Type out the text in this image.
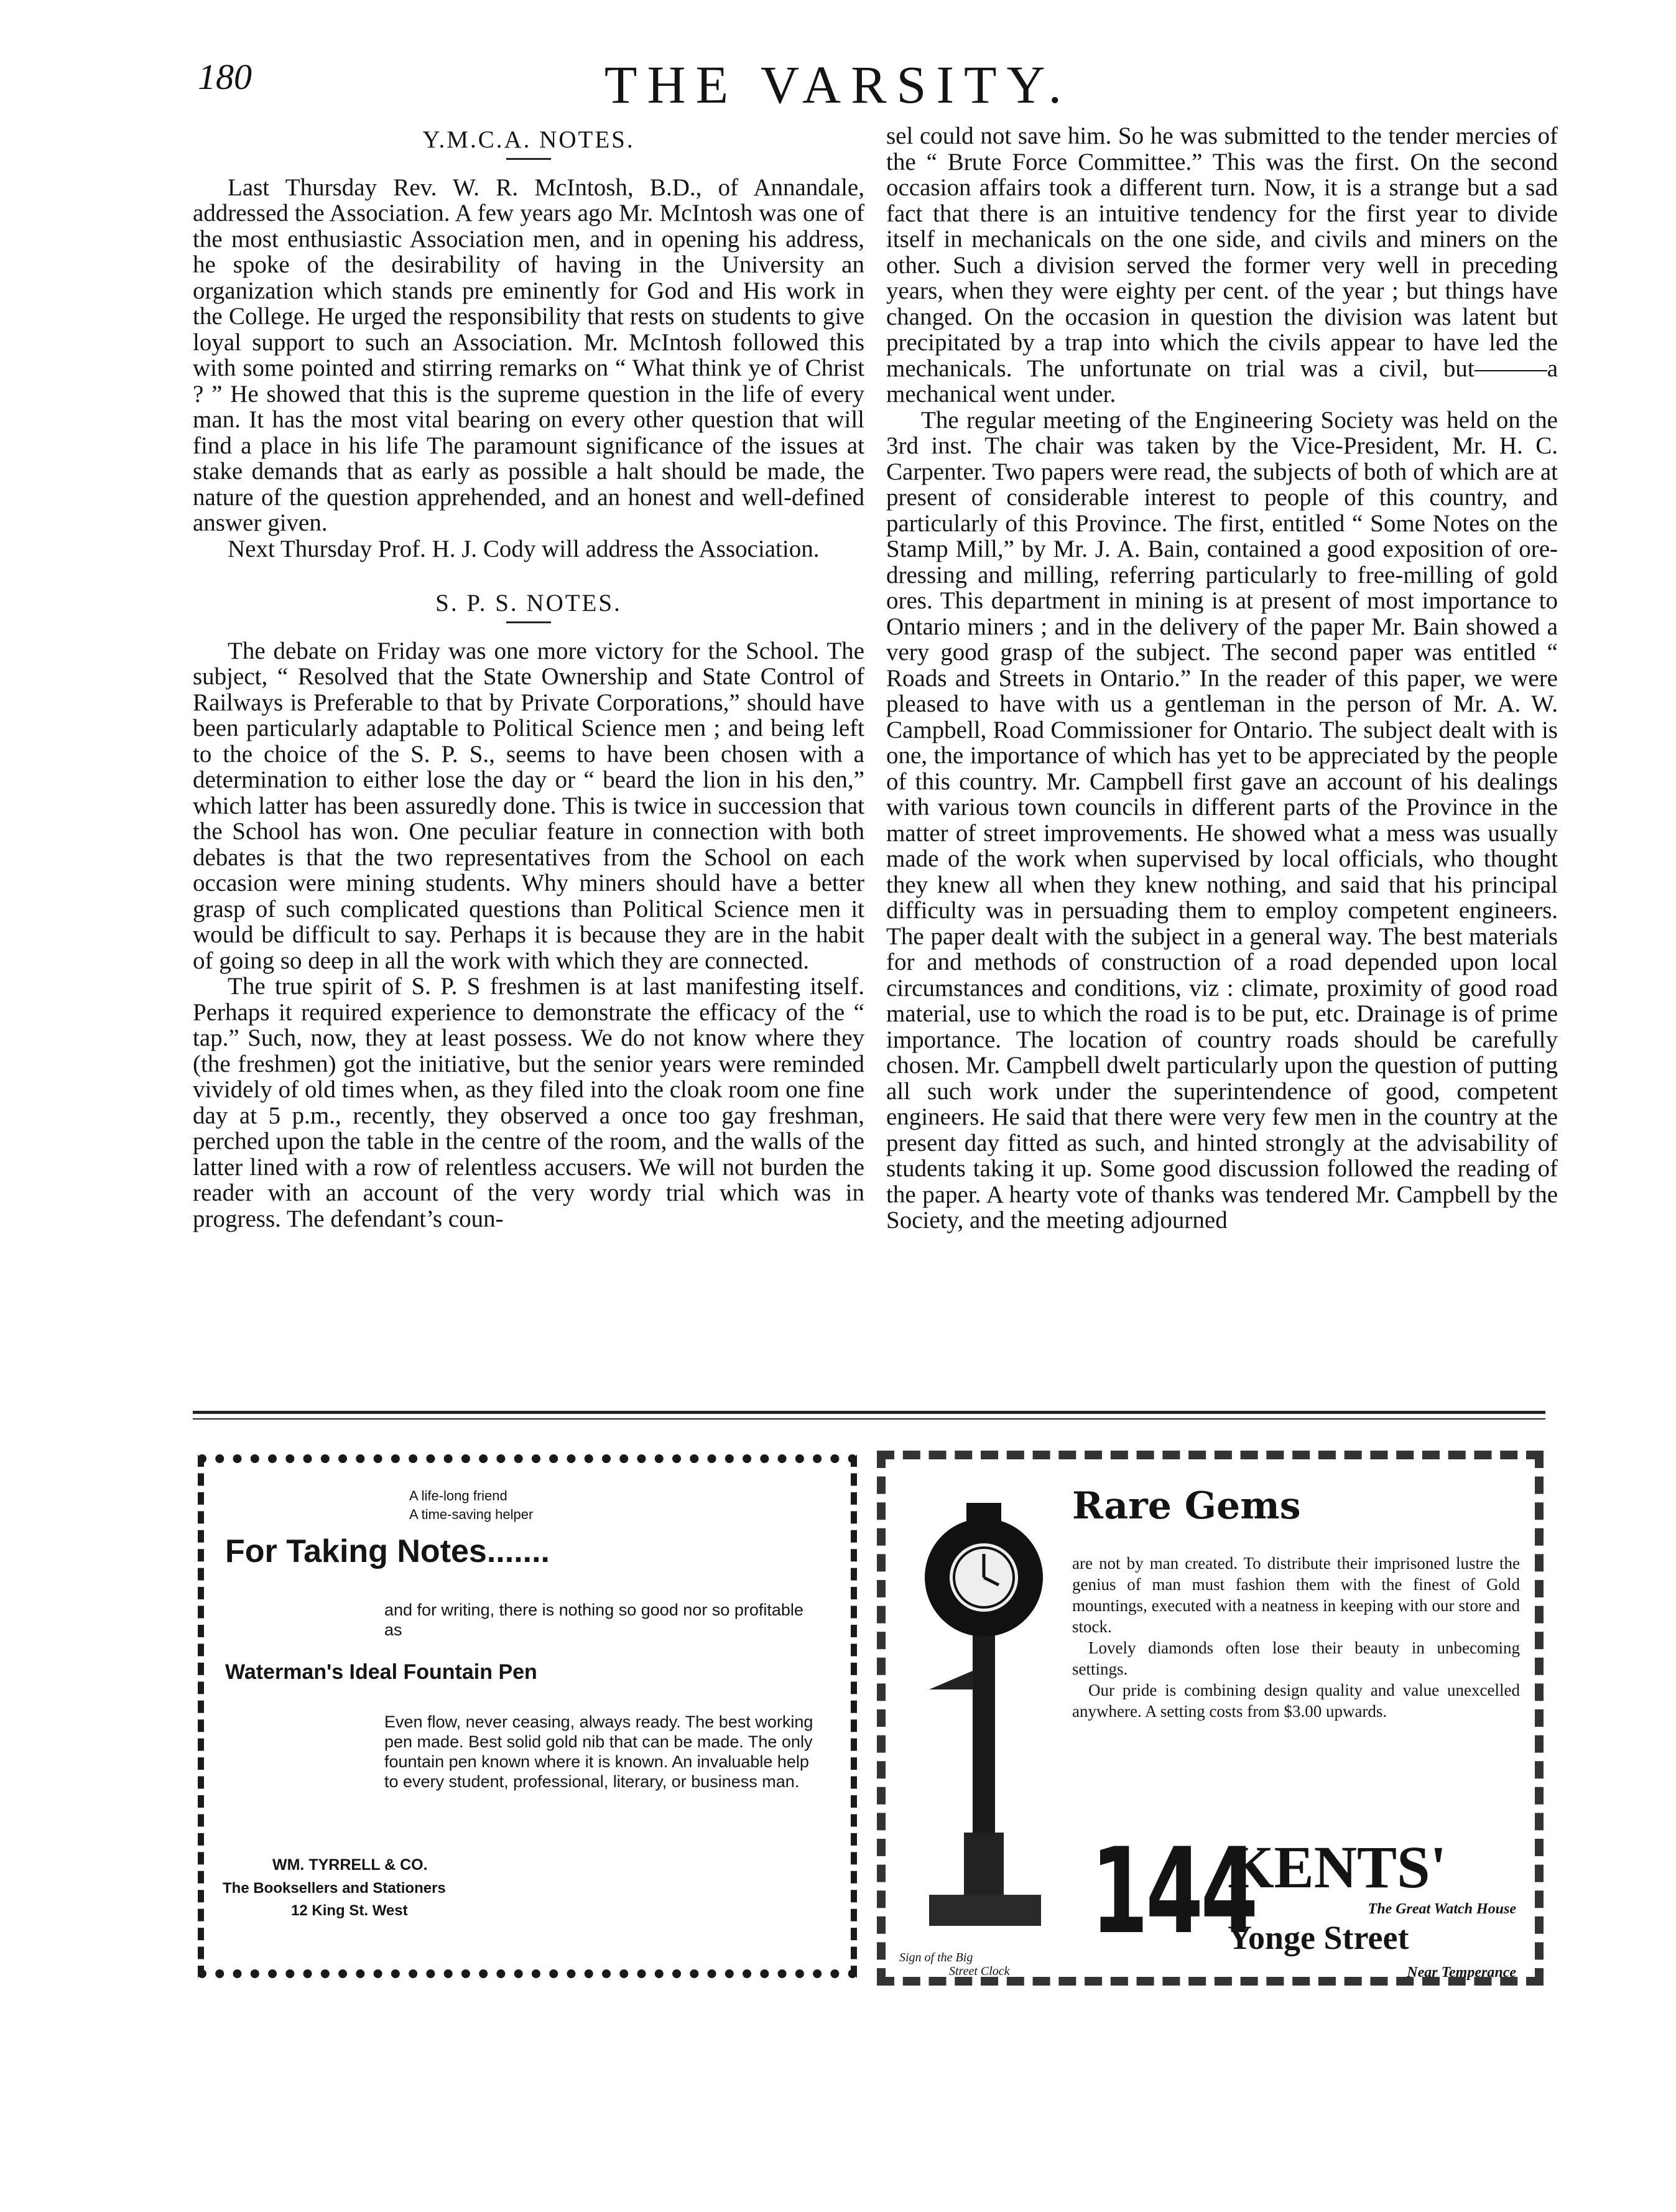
180	THE VARSITY.
Y.M.C.A. NOTES.

Last Thursday Rev. W. R. McIntosh, B.D., of Annandale, addressed the Association. A few years ago Mr. McIntosh was one of the most enthusiastic Association men, and in opening his address, he spoke of the desirability of having in the University an organization which stands pre eminently for God and His work in the College. He urged the responsibility that rests on students to give loyal support to such an Association. Mr. McIntosh followed this with some pointed and stirring remarks on “ What think ye of Christ ? ” He showed that this is the supreme question in the life of every man. It has the most vital bearing on every other question that will find a place in his life The paramount significance of the issues at stake demands that as early as possible a halt should be made, the nature of the question apprehended, and an honest and well-defined answer given.

Next Thursday Prof. H. J. Cody will address the Association.

S. P. S. NOTES.

The debate on Friday was one more victory for the School. The subject, “ Resolved that the State Ownership and State Control of Railways is Preferable to that by Private Corporations,” should have been particularly adaptable to Political Science men ; and being left to the choice of the S. P. S., seems to have been chosen with a determination to either lose the day or “ beard the lion in his den,” which latter has been assuredly done. This is twice in succession that the School has won. One peculiar feature in connection with both debates is that the two representatives from the School on each occasion were mining students. Why miners should have a better grasp of such complicated questions than Political Science men it would be difficult to say. Perhaps it is because they are in the habit of going so deep in all the work with which they are connected.

The true spirit of S. P. S freshmen is at last manifesting itself. Perhaps it required experience to demonstrate the efficacy of the “ tap.” Such, now, they at least possess. We do not know where they (the freshmen) got the initiative, but the senior years were reminded vividely of old times when, as they filed into the cloak room one fine day at 5 p.m., recently, they observed a once too gay freshman, perched upon the table in the centre of the room, and the walls of the latter lined with a row of relentless accusers. We will not burden the reader with an account of the very wordy trial which was in progress. The defendant’s coun-

sel could not save him. So he was submitted to the tender mercies of the “ Brute Force Committee.” This was the first. On the second occasion affairs took a different turn. Now, it is a strange but a sad fact that there is an intuitive tendency for the first year to divide itself in mechanicals on the one side, and civils and miners on the other. Such a division served the former very well in preceding years, when they were eighty per cent. of the year ; but things have changed. On the occasion in question the division was latent but precipitated by a trap into which the civils appear to have led the mechanicals. The unfortunate on trial was a civil, but———a mechanical went under.

The regular meeting of the Engineering Society was held on the 3rd inst. The chair was taken by the Vice-President, Mr. H. C. Carpenter. Two papers were read, the subjects of both of which are at present of considerable interest to people of this country, and particularly of this Province. The first, entitled “ Some Notes on the Stamp Mill,” by Mr. J. A. Bain, contained a good exposition of ore-dressing and milling, referring particularly to free-milling of gold ores. This department in mining is at present of most importance to Ontario miners ; and in the delivery of the paper Mr. Bain showed a very good grasp of the subject. The second paper was entitled “ Roads and Streets in Ontario.” In the reader of this paper, we were pleased to have with us a gentleman in the person of Mr. A. W. Campbell, Road Commissioner for Ontario. The subject dealt with is one, the importance of which has yet to be appreciated by the people of this country. Mr. Campbell first gave an account of his dealings with various town councils in different parts of the Province in the matter of street improvements. He showed what a mess was usually made of the work when supervised by local officials, who thought they knew all when they knew nothing, and said that his principal difficulty was in persuading them to employ competent engineers. The paper dealt with the subject in a general way. The best materials for and methods of construction of a road depended upon local circumstances and conditions, viz : climate, proximity of good road material, use to which the road is to be put, etc. Drainage is of prime importance. The location of country roads should be carefully chosen. Mr. Campbell dwelt particularly upon the question of putting all such work under the superintendence of good, competent engineers. He said that there were very few men in the country at the present day fitted as such, and hinted strongly at the advisability of students taking it up. Some good discussion followed the reading of the paper. A hearty vote of thanks was tendered Mr. Campbell by the Society, and the meeting adjourned

A life-long friend
A time-saving helper
For Taking Notes.......
and for writing, there is nothing so good nor so profitable as
Waterman's Ideal Fountain Pen
Even flow, never ceasing, always ready. The best working pen made. Best solid gold nib that can be made. The only fountain pen known where it is known. An invaluable help to every student, professional, literary, or business man.
WM. TYRRELL & CO.
The Booksellers and Stationers
12 King St. West
Sign of the Big
Street Clock
Rare Gems

are not by man created. To distribute their imprisoned lustre the genius of man must fashion them with the finest of Gold mountings, executed with a neatness in keeping with our store and stock.

Lovely diamonds often lose their beauty in unbecoming settings.

Our pride is combining design quality and value unexcelled anywhere. A setting costs from $3.00 upwards.

144
KENTS'
The Great Watch House
Yonge Street
Near Temperance
